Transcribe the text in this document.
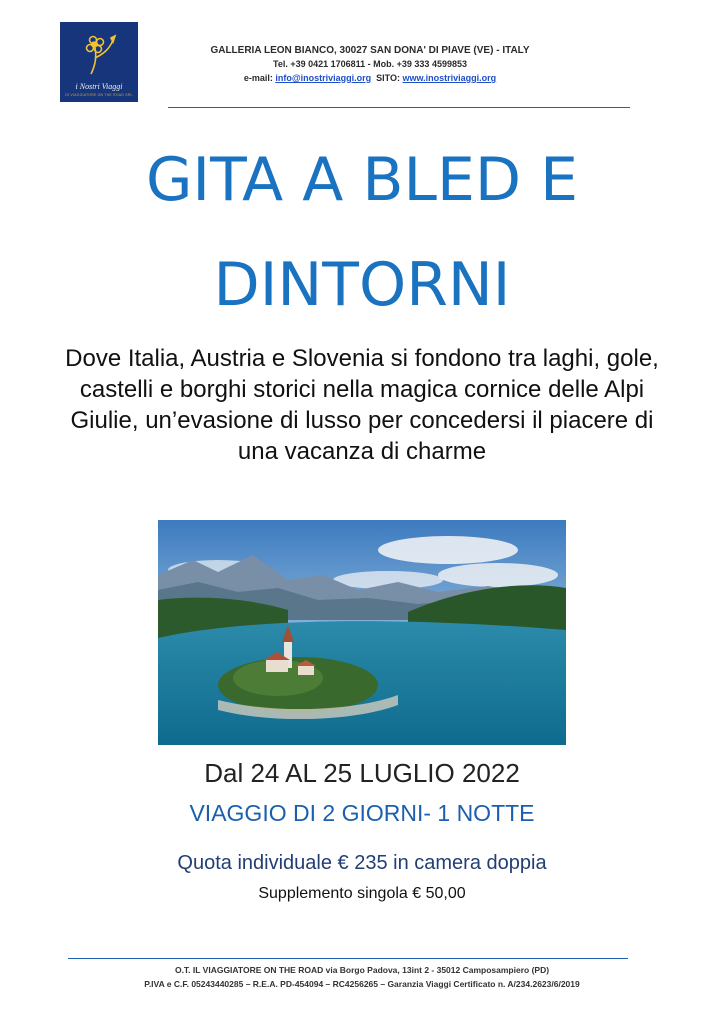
i Nostri Viaggi
DI VIAGGIATORE ON THE ROAD SRL
GALLERIA LEON BIANCO, 30027 SAN DONA' DI PIAVE (VE) - ITALY
Tel. +39 0421 1706811 - Mob. +39 333 4599853
e-mail: info@inostriviaggi.org SITO: www.inostriviaggi.org
GITA A BLED E
DINTORNI
Dove Italia, Austria e Slovenia si fondono tra laghi, gole, castelli e borghi storici nella magica cornice delle Alpi Giulie, un’evasione di lusso per concedersi il piacere di una vacanza di charme
Dal 24 AL 25 LUGLIO 2022
VIAGGIO DI 2 GIORNI- 1 NOTTE
Quota individuale € 235 in camera doppia
Supplemento singola € 50,00
O.T. IL VIAGGIATORE ON THE ROAD via Borgo Padova, 13int 2 - 35012 Camposampiero (PD)
P.IVA e C.F. 05243440285 – R.E.A. PD-454094 – RC4256265 – Garanzia Viaggi Certificato n. A/234.2623/6/2019
